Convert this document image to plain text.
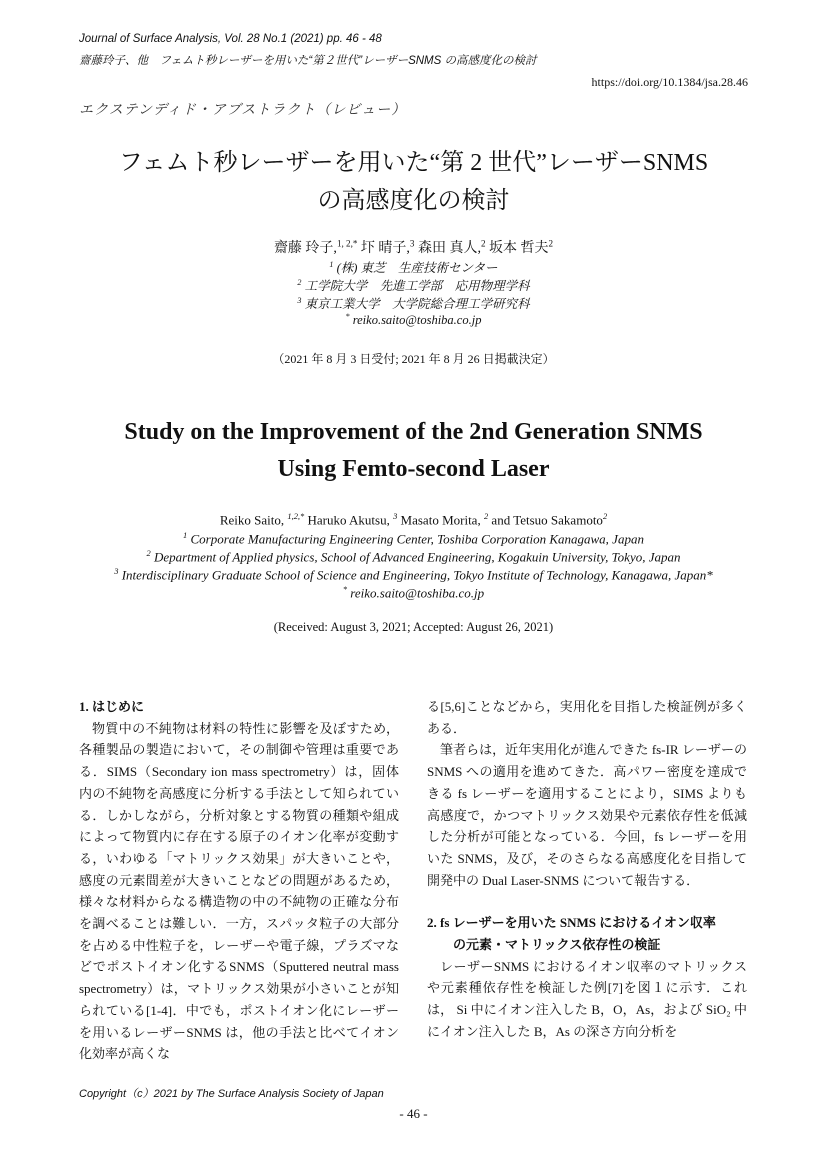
Journal of Surface Analysis, Vol. 28 No.1 (2021) pp. 46 - 48
齋藤玲子、他　フェムト秒レーザーを用いた“第２世代”レーザーSNMS の高感度化の検討
https://doi.org/10.1384/jsa.28.46
エクステンディド・アブストラクト（レビュー）
フェムト秒レーザーを用いた“第 2 世代”レーザーSNMS
の高感度化の検討
齋藤 玲子,$^{1, 2,*}$ 圷 晴子,$^3$ 森田 真人,$^2$ 坂本 哲夫$^2$
$^1$ (株) 東芝　生産技術センター
$^2$ 工学院大学　先進工学部　応用物理学科
$^3$ 東京工業大学　大学院総合理工学研究科
* reiko.saito@toshiba.co.jp
（2021 年 8 月 3 日受付; 2021 年 8 月 26 日掲載決定）
Study on the Improvement of the 2nd Generation SNMS
Using Femto-second Laser
Reiko Saito, $^{1,2,*}$ Haruko Akutsu, $^3$ Masato Morita, $^2$ and Tetsuo Sakamoto$^2$
$^1$ Corporate Manufacturing Engineering Center, Toshiba Corporation Kanagawa, Japan
$^2$ Department of Applied physics, School of Advanced Engineering, Kogakuin University, Tokyo, Japan
$^3$ Interdisciplinary Graduate School of Science and Engineering, Tokyo Institute of Technology, Kanagawa, Japan*
* reiko.saito@toshiba.co.jp
(Received: August 3, 2021; Accepted: August 26, 2021)

1. はじめに

物質中の不純物は材料の特性に影響を及ぼすため，各種製品の製造において，その制御や管理は重要である．SIMS（Secondary ion mass spectrometry）は，固体内の不純物を高感度に分析する手法として知られている．しかしながら，分析対象とする物質の種類や組成によって物質内に存在する原子のイオン化率が変動する，いわゆる「マトリックス効果」が大きいことや，感度の元素間差が大きいことなどの問題があるため，様々な材料からなる構造物の中の不純物の正確な分布を調べることは難しい．一方，スパッタ粒子の大部分を占める中性粒子を，レーザーや電子線，プラズマなどでポストイオン化するSNMS（Sputtered neutral mass spectrometry）は，マトリックス効果が小さいことが知られている[1-4]．中でも，ポストイオン化にレーザーを用いるレーザーSNMS は，他の手法と比べてイオン化効率が高くな

る[5,6]ことなどから，実用化を目指した検証例が多くある．

筆者らは，近年実用化が進んできた fs-IR レーザーの SNMS への適用を進めてきた．高パワー密度を達成できる fs レーザーを適用することにより，SIMS よりも高感度で，かつマトリックス効果や元素依存性を低減した分析が可能となっている．今回，fs レーザーを用いた SNMS，及び，そのさらなる高感度化を目指して開発中の Dual Laser-SNMS について報告する．

2. fs レーザーを用いた SNMS におけるイオン収率

の元素・マトリックス依存性の検証

レーザーSNMS におけるイオン収率のマトリックスや元素種依存性を検証した例[7]を図１に示す．これは， Si 中にイオン注入した B，O，As，および SiO₂ 中にイオン注入した B，As の深さ方向分析を

Copyright（c）2021 by The Surface Analysis Society of Japan
- 46 -
